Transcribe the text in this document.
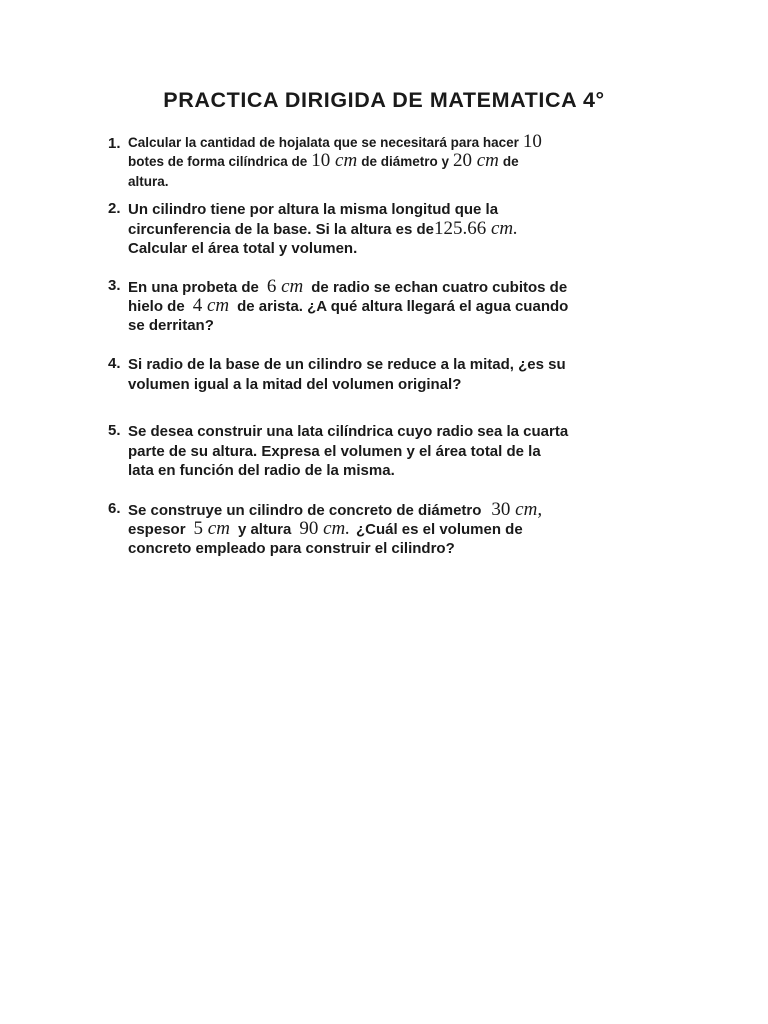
PRACTICA DIRIGIDA DE MATEMATICA 4°
1. Calcular la cantidad de hojalata que se necesitará para hacer 10
botes de forma cilíndrica de 10 cm de diámetro y 20 cm de
altura.
2. Un cilindro tiene por altura la misma longitud que la
circunferencia de la base. Si la altura es de125.66 cm.
Calcular el área total y volumen.
3. En una probeta de 6 cm de radio se echan cuatro cubitos de
hielo de 4 cm de arista. ¿A qué altura llegará el agua cuando
se derritan?
4. Si radio de la base de un cilindro se reduce a la mitad, ¿es su
volumen igual a la mitad del volumen original?
5. Se desea construir una lata cilíndrica cuyo radio sea la cuarta
parte de su altura. Expresa el volumen y el área total de la
lata en función del radio de la misma.
6. Se construye un cilindro de concreto de diámetro 30 cm,
espesor 5 cm y altura 90 cm. ¿Cuál es el volumen de
concreto empleado para construir el cilindro?
